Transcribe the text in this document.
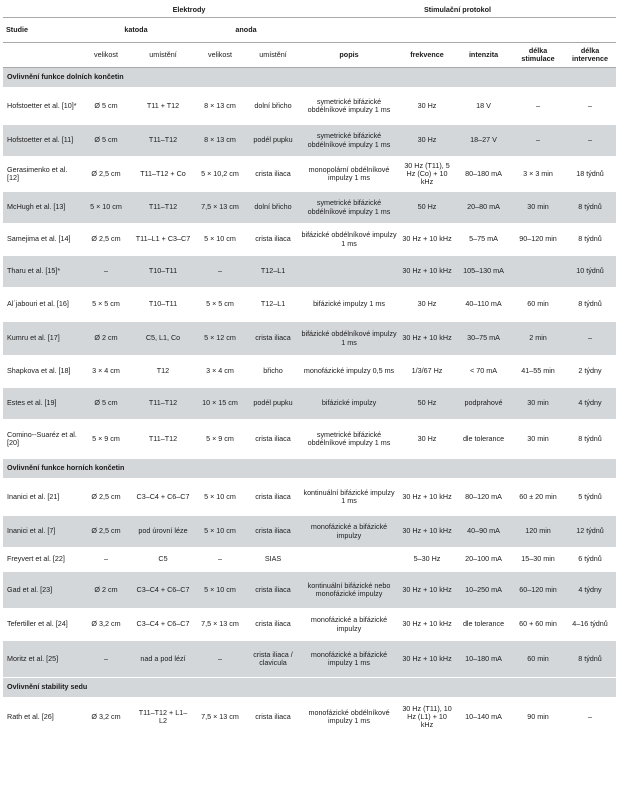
	Elektrody				Stimulační protokol				
Studie	katoda		anoda						
	velikost	umístění	velikost	umístění	popis	frekvence	intenzita	délka stimulace	délka intervence
Ovlivnění funkce dolních končetin									
Hofstoetter et al. [10]*	Ø 5 cm	T11 + T12	8 × 13 cm	dolní břicho	symetrické bifázické obdélníkové impulzy 1 ms	30 Hz	18 V	–	–
Hofstoetter et al. [11]	Ø 5 cm	T11–T12	8 × 13 cm	podél pupku	symetrické bifázické obdélníkové impulzy 1 ms	30 Hz	18–27 V	–	–
Gerasimenko et al. [12]	Ø 2,5 cm	T11–T12 + Co	5 × 10,2 cm	crista iliaca	monopolární obdélníkové impulzy 1 ms	30 Hz (T11), 5 Hz (Co) + 10 kHz	80–180 mA	3 × 3 min	18 týdnů
McHugh et al. [13]	5 × 10 cm	T11–T12	7,5 × 13 cm	dolní břicho	symetrické bifázické obdélníkové impulzy 1 ms	50 Hz	20–80 mA	30 min	8 týdnů
Samejima et al. [14]	Ø 2,5 cm	T11–L1 + C3–C7	5 × 10 cm	crista iliaca	bifázické obdélníkové impulzy 1 ms	30 Hz + 10 kHz	5–75 mA	90–120 min	8 týdnů
Tharu et al. [15]*	–	T10–T11	–	T12–L1		30 Hz + 10 kHz	105–130 mA		10 týdnů
Al´jabouri et al. [16]	5 × 5 cm	T10–T11	5 × 5 cm	T12–L1	bifázické impulzy 1 ms	30 Hz	40–110 mA	60 min	8 týdnů
Kumru et al. [17]	Ø 2 cm	C5, L1, Co	5 × 12 cm	crista iliaca	bifázické obdélníkové impulzy 1 ms	30 Hz + 10 kHz	30–75 mA	2 min	–
Shapkova et al. [18]	3 × 4 cm	T12	3 × 4 cm	břicho	monofázické impulzy 0,5 ms	1/3/67 Hz	< 70 mA	41–55 min	2 týdny
Estes et al. [19]	Ø 5 cm	T11–T12	10 × 15 cm	podél pupku	bifázické impulzy	50 Hz	podprahové	30 min	4 týdny
Comino--Suaréz et al. [20]	5 × 9 cm	T11–T12	5 × 9 cm	crista iliaca	symetrické bifázické obdélníkové impulzy 1 ms	30 Hz	dle tolerance	30 min	8 týdnů
Ovlivnění funkce horních končetin									
Inanici et al. [21]	Ø 2,5 cm	C3–C4 + C6–C7	5 × 10 cm	crista iliaca	kontinuální bifázické impulzy 1 ms	30 Hz + 10 kHz	80–120 mA	60 ± 20 min	5 týdnů
Inanici et al. [7]	Ø 2,5 cm	pod úrovní léze	5 × 10 cm	crista iliaca	monofázické a bifázické impulzy	30 Hz + 10 kHz	40–90 mA	120 min	12 týdnů
Freyvert et al. [22]	–	C5	–	SIAS		5–30 Hz	20–100 mA	15–30 min	6 týdnů
Gad et al. [23]	Ø 2 cm	C3–C4 + C6–C7	5 × 10 cm	crista iliaca	kontinuální bifázické nebo monofázické impulzy	30 Hz + 10 kHz	10–250 mA	60–120 min	4 týdny
Tefertiller et al. [24]	Ø 3,2 cm	C3–C4 + C6–C7	7,5 × 13 cm	crista iliaca	monofázické a bifázické impulzy	30 Hz + 10 kHz	dle tolerance	60 + 60 min	4–16 týdnů
Moritz et al. [25]	–	nad a pod lézí	–	crista iliaca / clavicula	monofázické a bifázické impulzy 1 ms	30 Hz + 10 kHz	10–180 mA	60 min	8 týdnů
Ovlivnění stability sedu									
Rath et al. [26]	Ø 3,2 cm	T11–T12 + L1–L2	7,5 × 13 cm	crista iliaca	monofázické obdélníkové impulzy 1 ms	30 Hz (T11), 10 Hz (L1) + 10 kHz	10–140 mA	90 min	–
